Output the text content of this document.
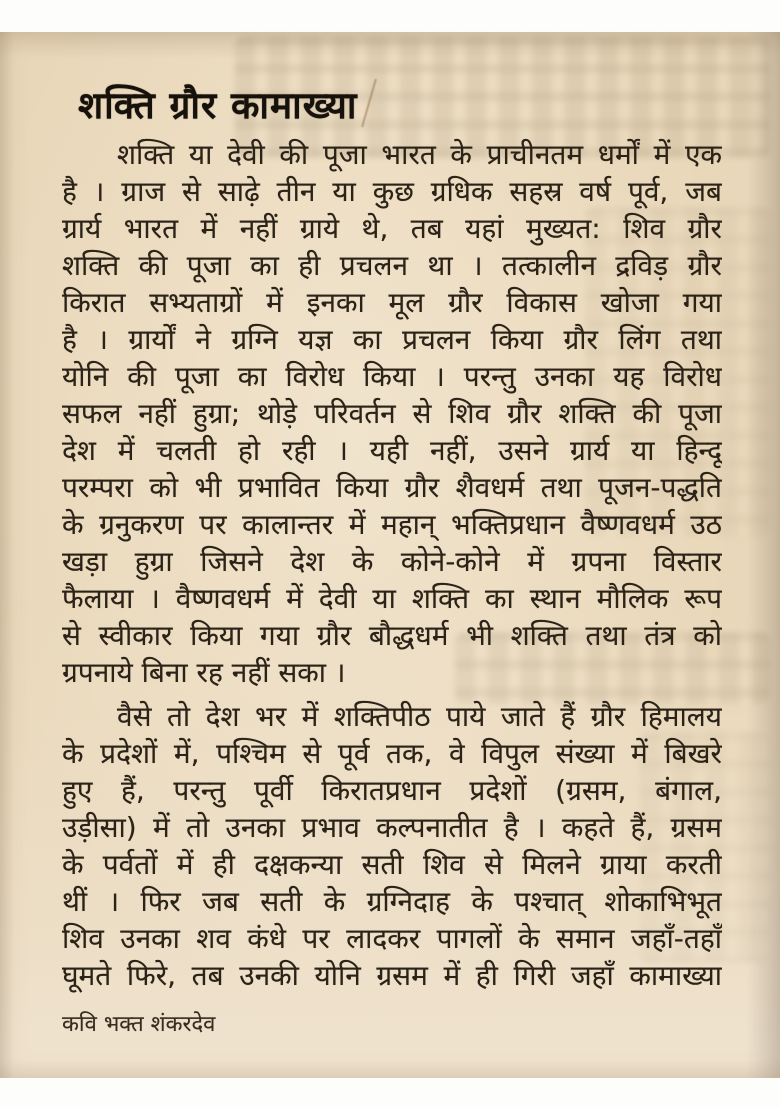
शक्ति ग्रौर कामाख्या
शक्ति या देवी की पूजा भारत के प्राचीनतम धर्मों में एक
है । ग्राज से साढ़े तीन या कुछ ग्रधिक सहस्र वर्ष पूर्व, जब
ग्रार्य भारत में नहीं ग्राये थे, तब यहां मुख्यत: शिव ग्रौर
शक्ति की पूजा का ही प्रचलन था । तत्कालीन द्रविड़ ग्रौर
किरात सभ्यताग्रों में इनका मूल ग्रौर विकास खोजा गया
है । ग्रार्यों ने ग्रग्नि यज्ञ का प्रचलन किया ग्रौर लिंग तथा
योनि की पूजा का विरोध किया । परन्तु उनका यह विरोध
सफल नहीं हुग्रा; थोड़े परिवर्तन से शिव ग्रौर शक्ति की पूजा
देश में चलती हो रही । यही नहीं, उसने ग्रार्य या हिन्दू
परम्परा को भी प्रभावित किया ग्रौर शैवधर्म तथा पूजन-पद्धति
के ग्रनुकरण पर कालान्तर में महान् भक्तिप्रधान वैष्णवधर्म उठ
खड़ा हुग्रा जिसने देश के कोने-कोने में ग्रपना विस्तार
फैलाया । वैष्णवधर्म में देवी या शक्ति का स्थान मौलिक रूप
से स्वीकार किया गया ग्रौर बौद्धधर्म भी शक्ति तथा तंत्र को
ग्रपनाये बिना रह नहीं सका ।
वैसे तो देश भर में शक्तिपीठ पाये जाते हैं ग्रौर हिमालय
के प्रदेशों में, पश्चिम से पूर्व तक, वे विपुल संख्या में बिखरे
हुए हैं, परन्तु पूर्वी किरातप्रधान प्रदेशों (ग्रसम, बंगाल,
उड़ीसा) में तो उनका प्रभाव कल्पनातीत है । कहते हैं, ग्रसम
के पर्वतों में ही दक्षकन्या सती शिव से मिलने ग्राया करती
थीं । फिर जब सती के ग्रग्निदाह के पश्चात् शोकाभिभूत
शिव उनका शव कंधे पर लादकर पागलों के समान जहाँ-तहाँ
घूमते फिरे, तब उनकी योनि ग्रसम में ही गिरी जहाँ कामाख्या
कवि भक्त शंकरदेव
